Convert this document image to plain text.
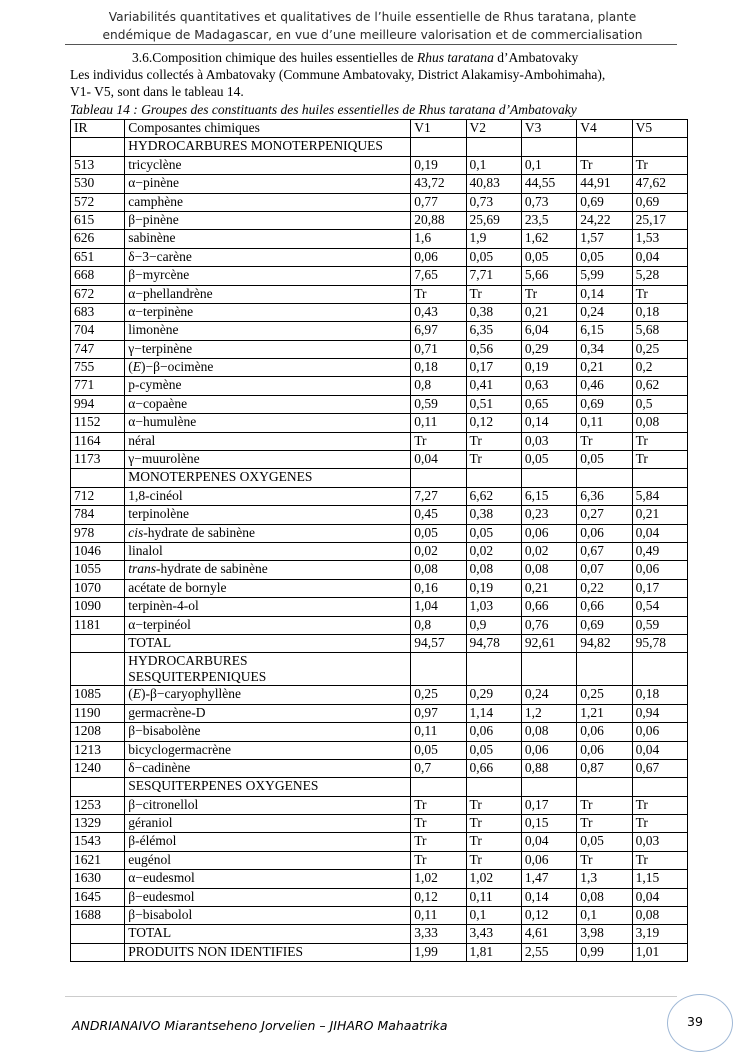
Variabilités quantitatives et qualitatives de l’huile essentielle de Rhus taratana, plante
endémique de Madagascar, en vue d’une meilleure valorisation et de commercialisation
3.6.Composition chimique des huiles essentielles de Rhus taratana d’Ambatovaky
Les individus collectés à Ambatovaky (Commune Ambatovaky, District Alakamisy-Ambohimaha),
V1- V5, sont dans le tableau 14.
Tableau 14 : Groupes des constituants des huiles essentielles de Rhus taratana d’Ambatovaky
IR	Composantes chimiques	V1	V2	V3	V4	V5
	HYDROCARBURES MONOTERPENIQUES					
513	tricyclène	0,19	0,1	0,1	Tr	Tr
530	α−pinène	43,72	40,83	44,55	44,91	47,62
572	camphène	0,77	0,73	0,73	0,69	0,69
615	β−pinène	20,88	25,69	23,5	24,22	25,17
626	sabinène	1,6	1,9	1,62	1,57	1,53
651	δ−3−carène	0,06	0,05	0,05	0,05	0,04
668	β−myrcène	7,65	7,71	5,66	5,99	5,28
672	α−phellandrène	Tr	Tr	Tr	0,14	Tr
683	α−terpinène	0,43	0,38	0,21	0,24	0,18
704	limonène	6,97	6,35	6,04	6,15	5,68
747	γ−terpinène	0,71	0,56	0,29	0,34	0,25
755	(E)−β−ocimène	0,18	0,17	0,19	0,21	0,2
771	p-cymène	0,8	0,41	0,63	0,46	0,62
994	α−copaène	0,59	0,51	0,65	0,69	0,5
1152	α−humulène	0,11	0,12	0,14	0,11	0,08
1164	néral	Tr	Tr	0,03	Tr	Tr
1173	γ−muurolène	0,04	Tr	0,05	0,05	Tr
	MONOTERPENES OXYGENES					
712	1,8-cinéol	7,27	6,62	6,15	6,36	5,84
784	terpinolène	0,45	0,38	0,23	0,27	0,21
978	cis-hydrate de sabinène	0,05	0,05	0,06	0,06	0,04
1046	linalol	0,02	0,02	0,02	0,67	0,49
1055	trans-hydrate de sabinène	0,08	0,08	0,08	0,07	0,06
1070	acétate de bornyle	0,16	0,19	0,21	0,22	0,17
1090	terpinèn-4-ol	1,04	1,03	0,66	0,66	0,54
1181	α−terpinéol	0,8	0,9	0,76	0,69	0,59
	TOTAL	94,57	94,78	92,61	94,82	95,78

	HYDROCARBURES
SESQUITERPENIQUES					

1085	(E)-β−caryophyllène	0,25	0,29	0,24	0,25	0,18
1190	germacrène-D	0,97	1,14	1,2	1,21	0,94
1208	β−bisabolène	0,11	0,06	0,08	0,06	0,06
1213	bicyclogermacrène	0,05	0,05	0,06	0,06	0,04
1240	δ−cadinène	0,7	0,66	0,88	0,87	0,67
	SESQUITERPENES OXYGENES					
1253	β−citronellol	Tr	Tr	0,17	Tr	Tr
1329	géraniol	Tr	Tr	0,15	Tr	Tr
1543	β-élémol	Tr	Tr	0,04	0,05	0,03
1621	eugénol	Tr	Tr	0,06	Tr	Tr
1630	α−eudesmol	1,02	1,02	1,47	1,3	1,15
1645	β−eudesmol	0,12	0,11	0,14	0,08	0,04
1688	β−bisabolol	0,11	0,1	0,12	0,1	0,08
	TOTAL	3,33	3,43	4,61	3,98	3,19
	PRODUITS NON IDENTIFIES	1,99	1,81	2,55	0,99	1,01
ANDRIANAIVO Miarantseheno Jorvelien – JIHARO Mahaatrika	39
